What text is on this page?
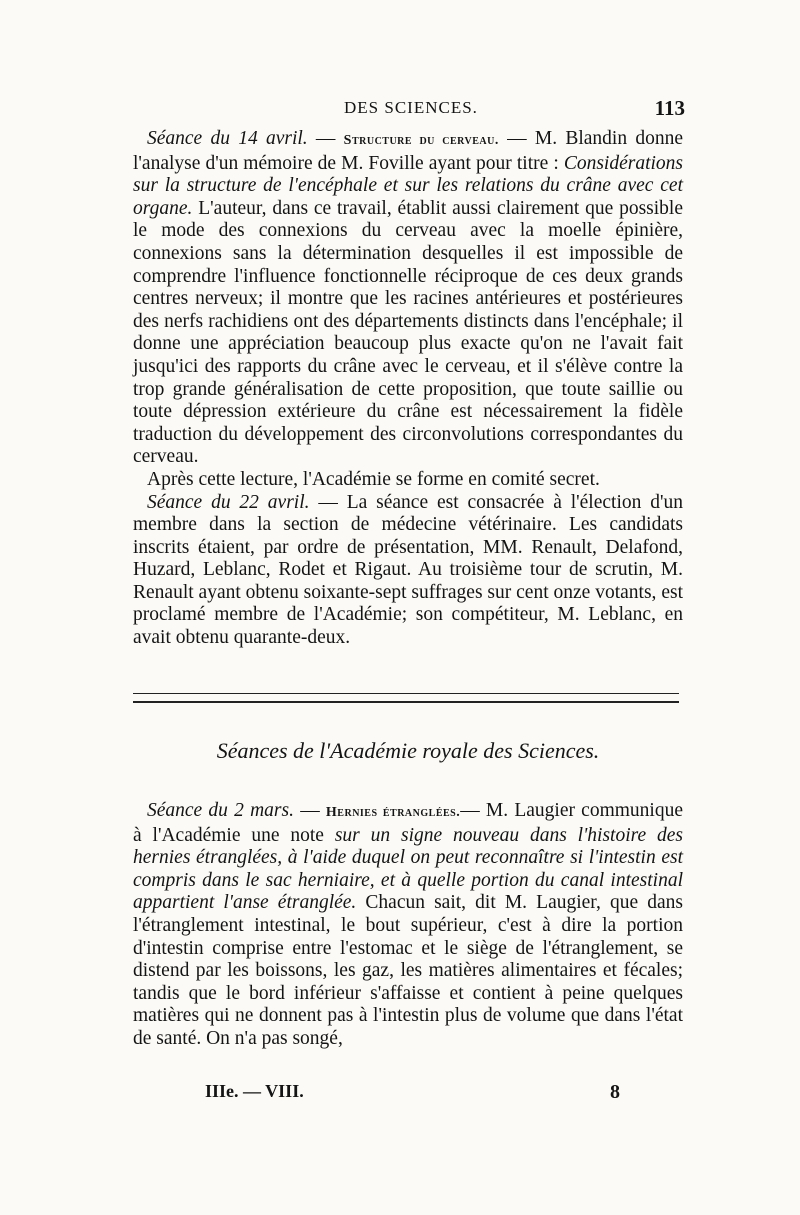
DES SCIENCES.	113

Séance du 14 avril. — Structure du cerveau. — M. Blandin donne l'analyse d'un mémoire de M. Foville ayant pour titre : Considérations sur la structure de l'encéphale et sur les relations du crâne avec cet organe. L'auteur, dans ce travail, établit aussi clairement que possible le mode des connexions du cerveau avec la moelle épinière, connexions sans la détermination desquelles il est impossible de comprendre l'influence fonctionnelle réciproque de ces deux grands centres nerveux; il montre que les racines antérieures et postérieures des nerfs rachidiens ont des départements distincts dans l'encéphale; il donne une appréciation beaucoup plus exacte qu'on ne l'avait fait jusqu'ici des rapports du crâne avec le cerveau, et il s'élève contre la trop grande généralisation de cette proposition, que toute saillie ou toute dépression extérieure du crâne est nécessairement la fidèle traduction du développement des circonvolutions correspondantes du cerveau.

Après cette lecture, l'Académie se forme en comité secret.

Séance du 22 avril. — La séance est consacrée à l'élection d'un membre dans la section de médecine vétérinaire. Les candidats inscrits étaient, par ordre de présentation, MM. Renault, Delafond, Huzard, Leblanc, Rodet et Rigaut. Au troisième tour de scrutin, M. Renault ayant obtenu soixante-sept suffrages sur cent onze votants, est proclamé membre de l'Académie; son compétiteur, M. Leblanc, en avait obtenu quarante-deux.

Séances de l'Académie royale des Sciences.

Séance du 2 mars. — Hernies étranglées.— M. Laugier communique à l'Académie une note sur un signe nouveau dans l'histoire des hernies étranglées, à l'aide duquel on peut reconnaître si l'intestin est compris dans le sac herniaire, et à quelle portion du canal intestinal appartient l'anse étranglée. Chacun sait, dit M. Laugier, que dans l'étranglement intestinal, le bout supérieur, c'est à dire la portion d'intestin comprise entre l'estomac et le siège de l'étranglement, se distend par les boissons, les gaz, les matières alimentaires et fécales; tandis que le bord inférieur s'affaisse et contient à peine quelques matières qui ne donnent pas à l'intestin plus de volume que dans l'état de santé. On n'a pas songé,

IIIe. — VIII.	8
